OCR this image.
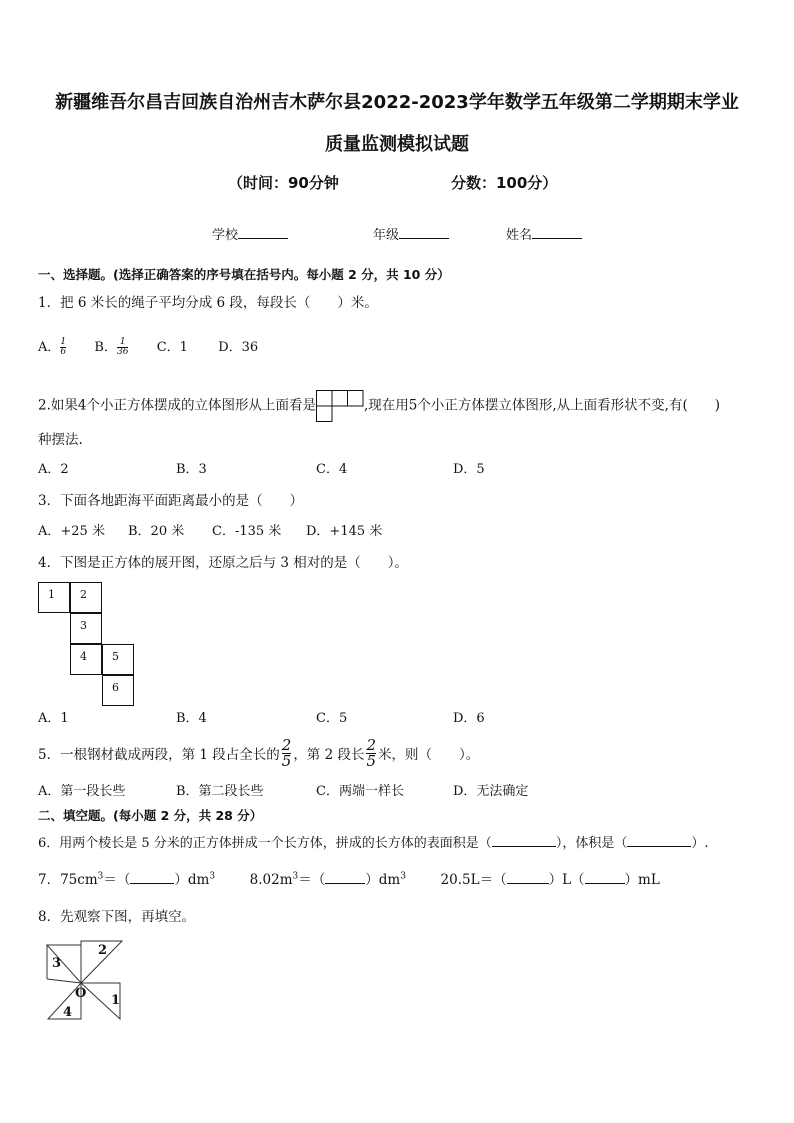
新疆维吾尔昌吉回族自治州吉木萨尔县2022-2023学年数学五年级第二学期期末学业
质量监测模拟试题
（时间：90分钟	分数：100分）
学校	年级	姓名
一、选择题。(选择正确答案的序号填在括号内。每小题 2 分，共 10 分）
1．把 6 米长的绳子平均分成 6 段，每段长（　　）米。
A． $\frac{1}{6}$ B． $\frac{1}{36}$ C．1 D．36
2.如果4个小正方体摆成的立体图形从上面看是	,现在用5个小正方体摆立体图形,从上面看形状不变,有(　　)
种摆法.
A．2	B．3	C．4	D．5
3．下面各地距海平面距离最小的是（　　）
A．+25 米 B．20 米 C．-135 米 D．+145 米
4．下图是正方体的展开图，还原之后与 3 相对的是（　　）。
1	2
3
4	5
6
A．1	B．4	C．5	D．6
5．一根钢材截成两段，第 1 段占全长的 $\frac{2}{5}$ ，第 2 段长 $\frac{2}{5}$ 米，则（　　）。
A．第一段长些	B．第二段长些	C．两端一样长	D．无法确定
二、填空题。(每小题 2 分，共 28 分）
6．用两个棱长是 5 分米的正方体拼成一个长方体，拼成的长方体的表面积是（	），体积是（	）.
7．$75cm^3=$（	）$dm^3$	$8.02m^3=$（	）$dm^3$	20.5L＝（	）L（	）mL
8．先观察下图，再填空。
3
2
O 1
4
